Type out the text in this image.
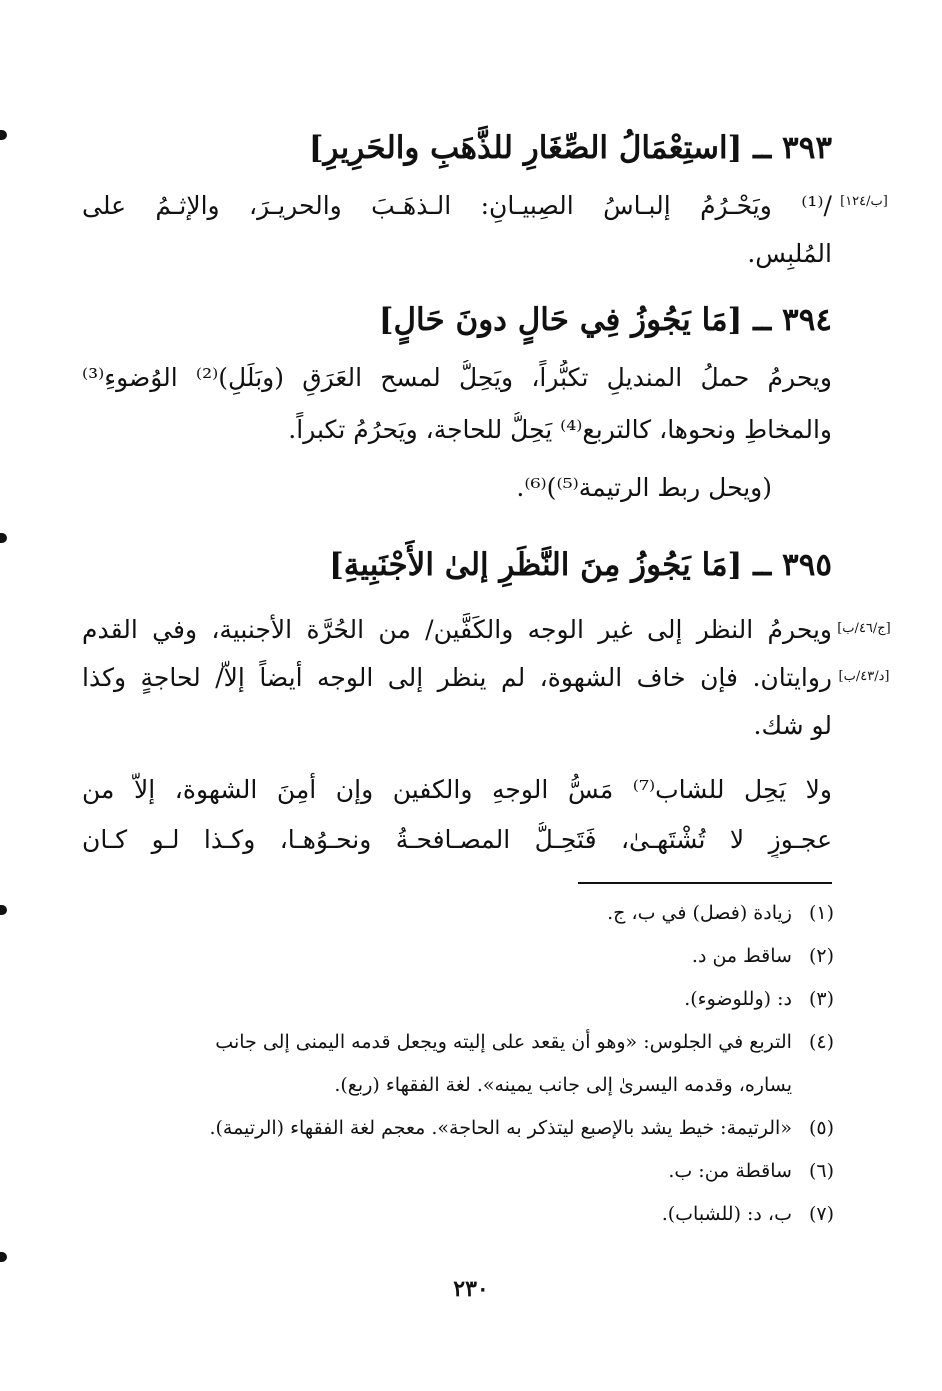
٣٩٣ ــ [استِعْمَالُ الصِّغَارِ للذَّهَبِ والحَرِيرِ]
[ب/١٢٤]
/⁽¹⁾ ويَحْـرُمُ إلبـاسُ الصِبيـانِ: الـذهَـبَ والحريـرَ، والإثـمُ على
المُلبِس.
٣٩٤ ــ [مَا يَجُوزُ فِي حَالٍ دونَ حَالٍ]
ويحرمُ حملُ المنديلِ تكبُّراً، ويَحِلُّ لمسح العَرَقِ (وبَلَلِ)⁽²⁾ الوُضوءِ⁽³⁾
والمخاطِ ونحوها، كالتربع⁽⁴⁾ يَحِلُّ للحاجة، ويَحرُمُ تكبراً.
(ويحل ربط الرتيمة⁽⁵⁾)⁽⁶⁾.
٣٩٥ ــ [مَا يَجُوزُ مِنَ النَّظَرِ إلىٰ الأَجْنَبِيةِ]
[ج/٤٦/ب]
ويحرمُ النظر إلى غير الوجه والكَفَّين/ من الحُرَّة الأجنبية، وفي القدم
[د/٤٣/ب]
روايتان. فإن خاف الشهوة، لم ينظر إلى الوجه أيضاً إلاَّ/ لحاجةٍ وكذا
لو شك.
ولا يَحِل للشاب⁽⁷⁾ مَسُّ الوجهِ والكفين وإن أَمِنَ الشهوة، إلاَّ من
عجـوزٍ لا تُشْتَهـىٰ، فَتَحِـلُّ المصـافحـةُ ونحـوُهـا، وكـذا لـو كـان
(١) زيادة (فصل) في ب، ج.
(٢) ساقط من د.
(٣) د: (وللوضوء).
(٤) التربع في الجلوس: «وهو أن يقعد على إليته ويجعل قدمه اليمنى إلى جانب
يساره، وقدمه اليسرىٰ إلى جانب يمينه». لغة الفقهاء (ربع).
(٥) «الرتيمة: خيط يشد بالإصبع ليتذكر به الحاجة». معجم لغة الفقهاء (الرتيمة).
(٦) ساقطة من: ب.
(٧) ب، د: (للشباب).
٢٣٠
